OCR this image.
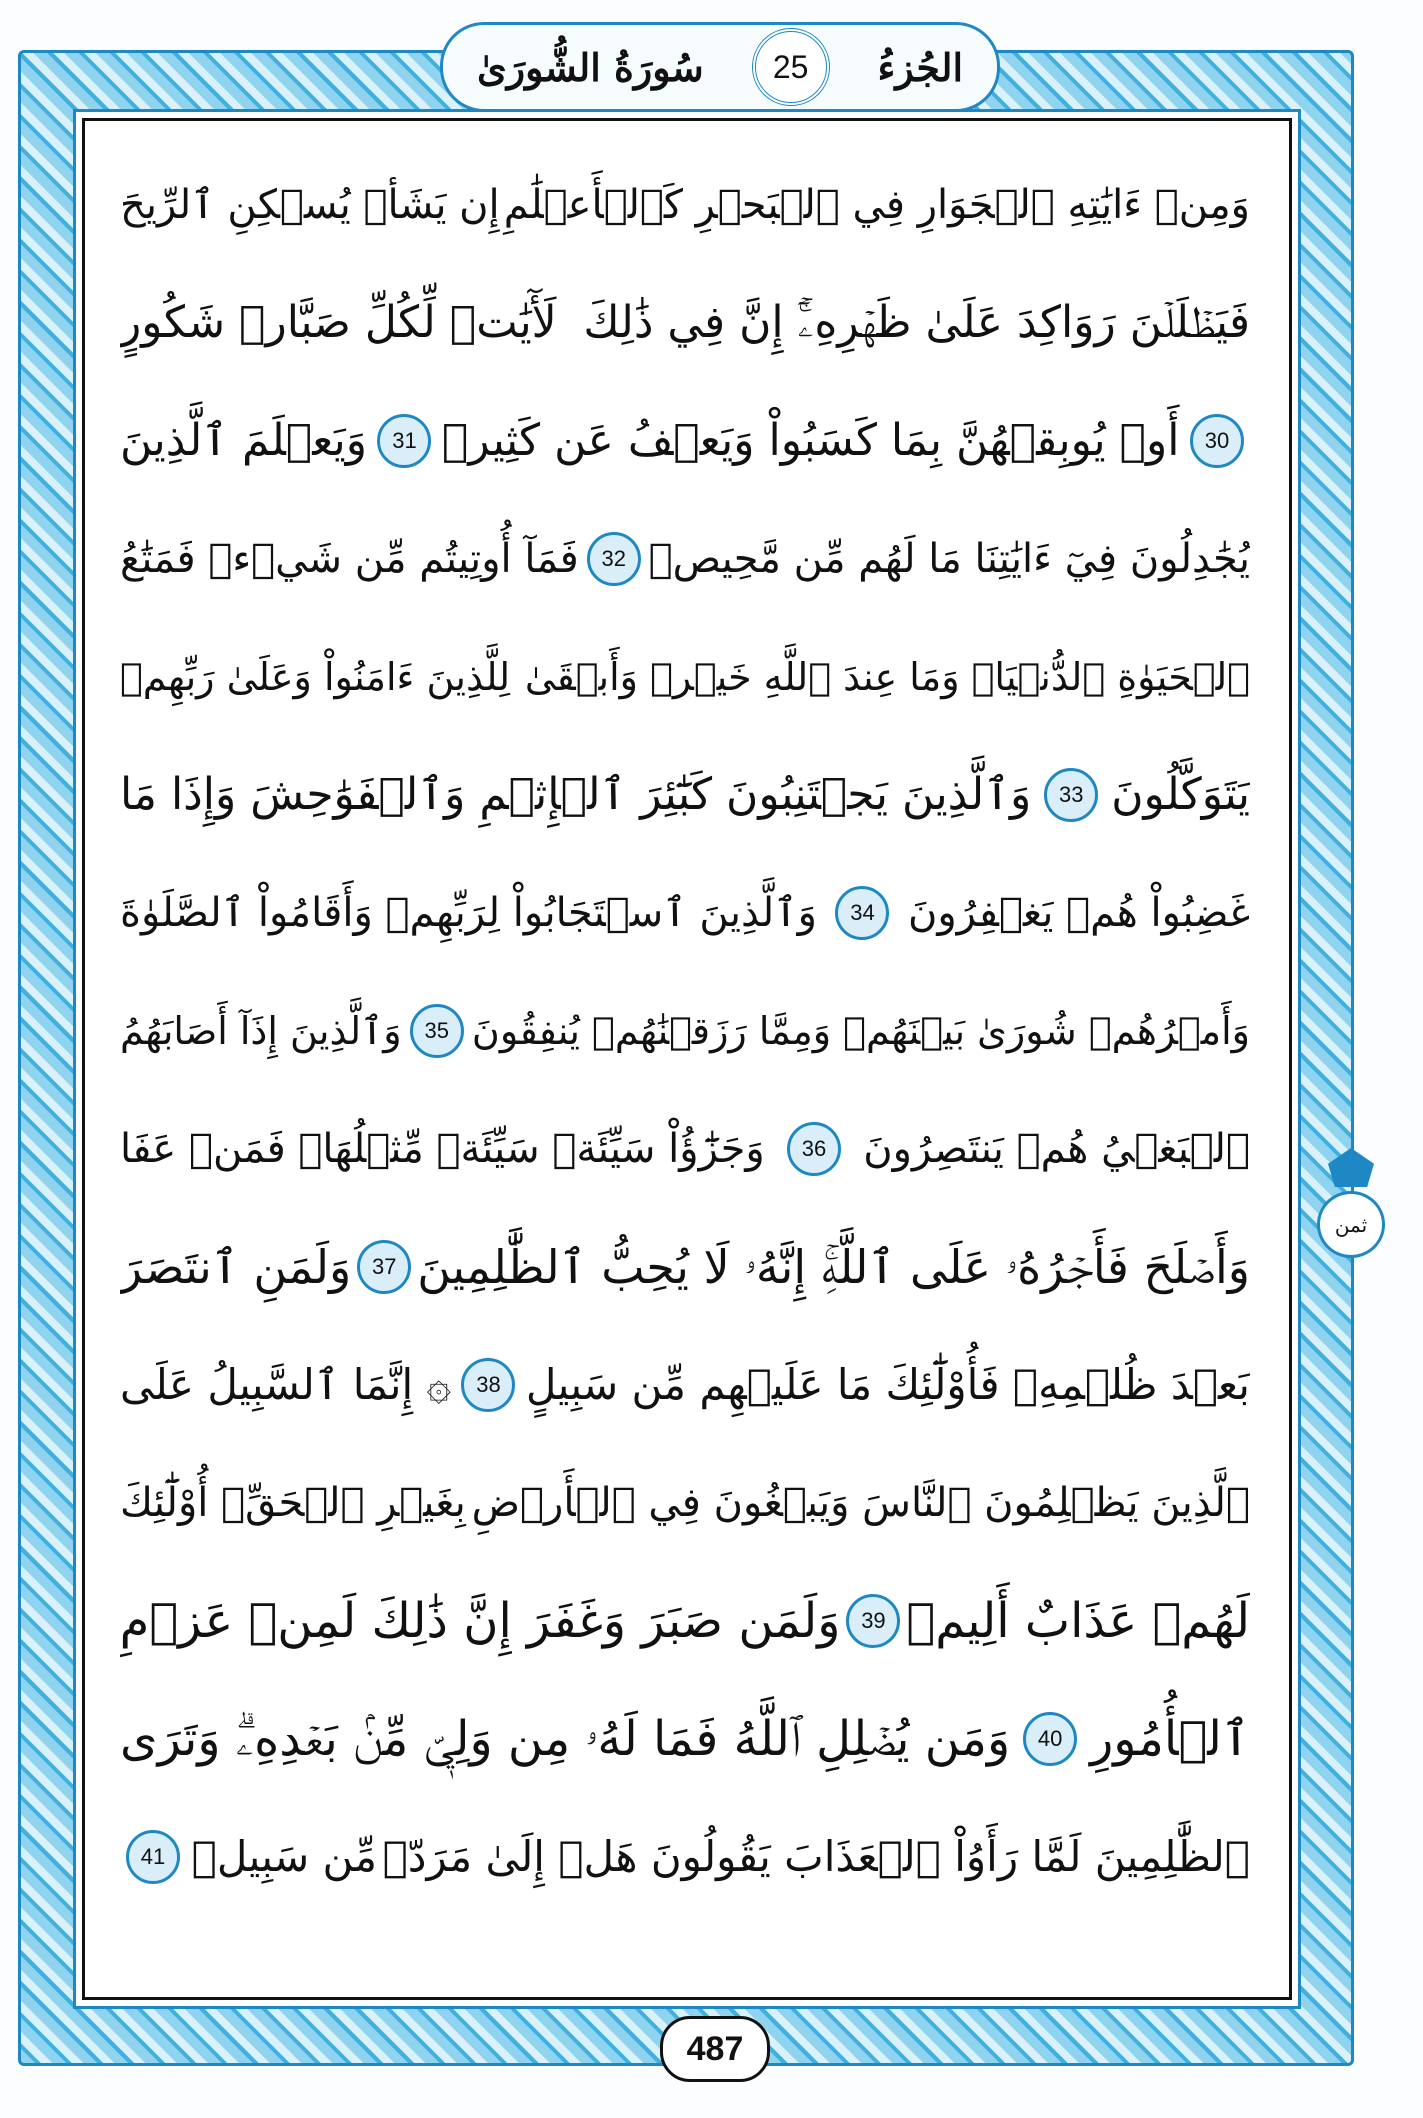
الجُزءُ
25
سُورَةُ الشُّورَىٰ
وَمِنۡ ءَايَٰتِهِ ٱلۡجَوَارِ فِي ٱلۡبَحۡرِ كَٱلۡأَعۡلَٰمِ
إِن يَشَأۡ يُسۡكِنِ ٱلرِّيحَ
فَيَظۡلَلۡنَ رَوَاكِدَ عَلَىٰ ظَهۡرِهِۦٓۚ إِنَّ فِي ذَٰلِكَ
لَأٓيَٰتٖ لِّكُلِّ صَبَّارٖ شَكُورٍ
30
أَوۡ يُوبِقۡهُنَّ بِمَا كَسَبُواْ وَيَعۡفُ عَن كَثِيرٖ
31
وَيَعۡلَمَ ٱلَّذِينَ
يُجَٰدِلُونَ فِيٓ ءَايَٰتِنَا مَا لَهُم مِّن مَّحِيصٖ
32
فَمَآ أُوتِيتُم مِّن شَيۡءٖ فَمَتَٰعُ
ٱلۡحَيَوٰةِ ٱلدُّنۡيَاۖ وَمَا عِندَ ٱللَّهِ خَيۡرٞ وَأَبۡقَىٰ
لِلَّذِينَ ءَامَنُواْ وَعَلَىٰ رَبِّهِمۡ
يَتَوَكَّلُونَ
33
وَٱلَّذِينَ يَجۡتَنِبُونَ كَبَٰٓئِرَ ٱلۡإِثۡمِ وَٱلۡفَوَٰحِشَ وَإِذَا مَا
غَضِبُواْ هُمۡ يَغۡفِرُونَ
34
وَٱلَّذِينَ ٱسۡتَجَابُواْ لِرَبِّهِمۡ وَأَقَامُواْ ٱلصَّلَوٰةَ
وَأَمۡرُهُمۡ شُورَىٰ بَيۡنَهُمۡ وَمِمَّا رَزَقۡنَٰهُمۡ يُنفِقُونَ
35
وَٱلَّذِينَ إِذَآ أَصَابَهُمُ
ٱلۡبَغۡيُ هُمۡ يَنتَصِرُونَ
36
وَجَزَٰٓؤُاْ سَيِّئَةٖ سَيِّئَةٞ مِّثۡلُهَاۖ فَمَنۡ عَفَا
وَأَصۡلَحَ فَأَجۡرُهُۥ عَلَى ٱللَّهِۚ إِنَّهُۥ لَا يُحِبُّ ٱلظَّٰلِمِينَ
37
وَلَمَنِ ٱنتَصَرَ
بَعۡدَ ظُلۡمِهِۦ فَأُوْلَٰٓئِكَ مَا عَلَيۡهِم مِّن سَبِيلٍ
38
۞ إِنَّمَا ٱلسَّبِيلُ عَلَى
ٱلَّذِينَ يَظۡلِمُونَ ٱلنَّاسَ وَيَبۡغُونَ فِي ٱلۡأَرۡضِ
بِغَيۡرِ ٱلۡحَقِّۚ أُوْلَٰٓئِكَ
لَهُمۡ عَذَابٌ أَلِيمٞ
39
وَلَمَن صَبَرَ وَغَفَرَ إِنَّ ذَٰلِكَ لَمِنۡ عَزۡمِ
ٱلۡأُمُورِ
40
وَمَن يُضۡلِلِ ٱللَّهُ فَمَا لَهُۥ مِن وَلِيّٖ مِّنۢ بَعۡدِهِۦۗ وَتَرَى
ٱلظَّٰلِمِينَ لَمَّا رَأَوُاْ ٱلۡعَذَابَ يَقُولُونَ هَلۡ إِلَىٰ مَرَدّٖ
مِّن سَبِيلٖ
41
ثمن
487
